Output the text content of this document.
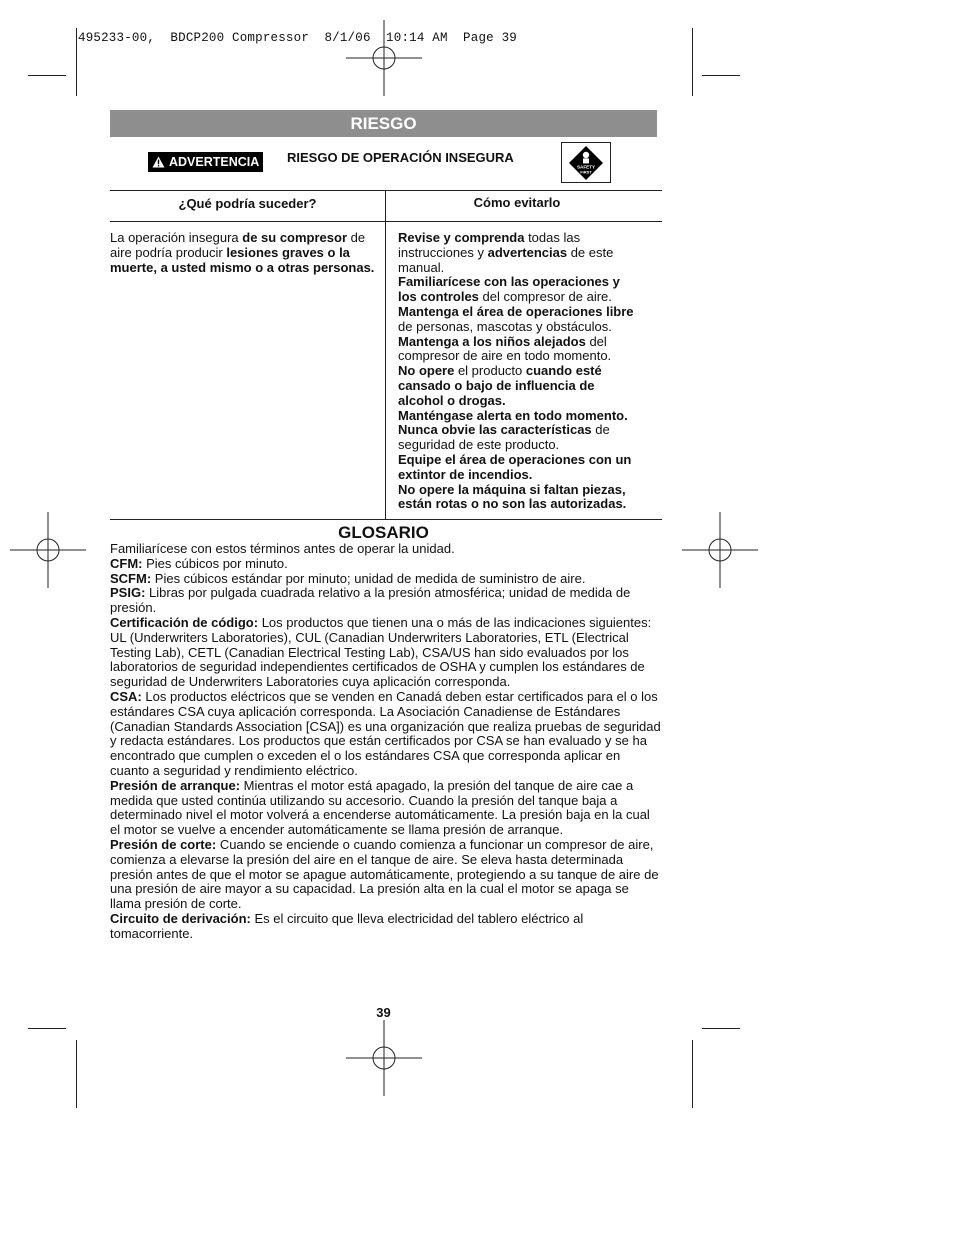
495233-00,  BDCP200 Compressor  8/1/06  10:14 AM  Page 39
RIESGO
ADVERTENCIA RIESGO DE OPERACIÓN INSEGURA
SAFETY
FIRST
¿Qué podría suceder?	Cómo evitarlo
La operación insegura de su compresor de aire podría producir lesiones graves o la muerte, a usted mismo o a otras personas.
Revise y comprenda todas las
instrucciones y advertencias de este
manual.
Familiarícese con las operaciones y
los controles del compresor de aire.
Mantenga el área de operaciones libre
de personas, mascotas y obstáculos.
Mantenga a los niños alejados del
compresor de aire en todo momento.
No opere el producto cuando esté
cansado o bajo de influencia de
alcohol o drogas.
Manténgase alerta en todo momento.
Nunca obvie las características de
seguridad de este producto.
Equipe el área de operaciones con un
extintor de incendios.
No opere la máquina si faltan piezas,
están rotas o no son las autorizadas.
GLOSARIO

Familiarícese con estos términos antes de operar la unidad.

CFM: Pies cúbicos por minuto.

SCFM: Pies cúbicos estándar por minuto; unidad de medida de suministro de aire.

PSIG: Libras por pulgada cuadrada relativo a la presión atmosférica; unidad de medida de presión.

Certificación de código: Los productos que tienen una o más de las indicaciones siguientes: UL (Underwriters Laboratories), CUL (Canadian Underwriters Laboratories, ETL (Electrical Testing Lab), CETL (Canadian Electrical Testing Lab), CSA/US han sido evaluados por los laboratorios de seguridad independientes certificados de OSHA y cumplen los estándares de seguridad de Underwriters Laboratories cuya aplicación corresponda.

CSA: Los productos eléctricos que se venden en Canadá deben estar certificados para el o los estándares CSA cuya aplicación corresponda. La Asociación Canadiense de Estándares (Canadian Standards Association [CSA]) es una organización que realiza pruebas de seguridad y redacta estándares. Los productos que están certificados por CSA se han evaluado y se ha encontrado que cumplen o exceden el o los estándares CSA que corresponda aplicar en cuanto a seguridad y rendimiento eléctrico.

Presión de arranque: Mientras el motor está apagado, la presión del tanque de aire cae a medida que usted continúa utilizando su accesorio. Cuando la presión del tanque baja a determinado nivel el motor volverá a encenderse automáticamente. La presión baja en la cual el motor se vuelve a encender automáticamente se llama presión de arranque.

Presión de corte: Cuando se enciende o cuando comienza a funcionar un compresor de aire, comienza a elevarse la presión del aire en el tanque de aire. Se eleva hasta determinada presión antes de que el motor se apague automáticamente, protegiendo a su tanque de aire de una presión de aire mayor a su capacidad. La presión alta en la cual el motor se apaga se llama presión de corte.

Circuito de derivación: Es el circuito que lleva electricidad del tablero eléctrico al tomacorriente.

39
